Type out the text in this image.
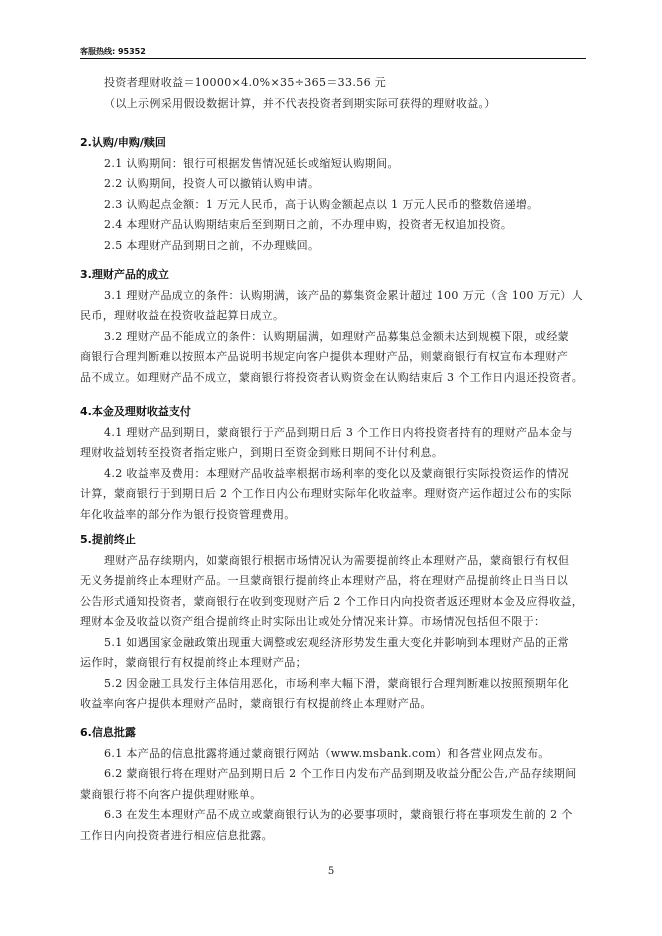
客服热线: 95352
投资者理财收益＝10000×4.0%×35÷365＝33.56 元
（以上示例采用假设数据计算，并不代表投资者到期实际可获得的理财收益。）
2.认购/申购/赎回
2.1 认购期间：银行可根据发售情况延长或缩短认购期间。
2.2 认购期间，投资人可以撤销认购申请。
2.3 认购起点金额：1 万元人民币，高于认购金额起点以 1 万元人民币的整数倍递增。
2.4 本理财产品认购期结束后至到期日之前，不办理申购，投资者无权追加投资。
2.5 本理财产品到期日之前，不办理赎回。
3.理财产品的成立
3.1 理财产品成立的条件：认购期满，该产品的募集资金累计超过 100 万元（含 100 万元）人
民币，理财收益在投资收益起算日成立。
3.2 理财产品不能成立的条件：认购期届满，如理财产品募集总金额未达到规模下限，或经蒙
商银行合理判断难以按照本产品说明书规定向客户提供本理财产品，则蒙商银行有权宣布本理财产
品不成立。如理财产品不成立，蒙商银行将投资者认购资金在认购结束后 3 个工作日内退还投资者。
4.本金及理财收益支付
4.1 理财产品到期日，蒙商银行于产品到期日后 3 个工作日内将投资者持有的理财产品本金与
理财收益划转至投资者指定账户，到期日至资金到账日期间不计付利息。
4.2 收益率及费用：本理财产品收益率根据市场利率的变化以及蒙商银行实际投资运作的情况
计算，蒙商银行于到期日后 2 个工作日内公布理财实际年化收益率。理财资产运作超过公布的实际
年化收益率的部分作为银行投资管理费用。
5.提前终止
理财产品存续期内，如蒙商银行根据市场情况认为需要提前终止本理财产品，蒙商银行有权但
无义务提前终止本理财产品。一旦蒙商银行提前终止本理财产品，将在理财产品提前终止日当日以
公告形式通知投资者，蒙商银行在收到变现财产后 2 个工作日内向投资者返还理财本金及应得收益，
理财本金及收益以资产组合提前终止时实际出让或处分情况来计算。市场情况包括但不限于：
5.1 如遇国家金融政策出现重大调整或宏观经济形势发生重大变化并影响到本理财产品的正常
运作时，蒙商银行有权提前终止本理财产品；
5.2 因金融工具发行主体信用恶化，市场利率大幅下滑，蒙商银行合理判断难以按照预期年化
收益率向客户提供本理财产品时，蒙商银行有权提前终止本理财产品。
6.信息批露
6.1 本产品的信息批露将通过蒙商银行网站（www.msbank.com）和各营业网点发布。
6.2 蒙商银行将在理财产品到期日后 2 个工作日内发布产品到期及收益分配公告,产品存续期间
蒙商银行将不向客户提供理财账单。
6.3 在发生本理财产品不成立或蒙商银行认为的必要事项时，蒙商银行将在事项发生前的 2 个
工作日内向投资者进行相应信息批露。
5
